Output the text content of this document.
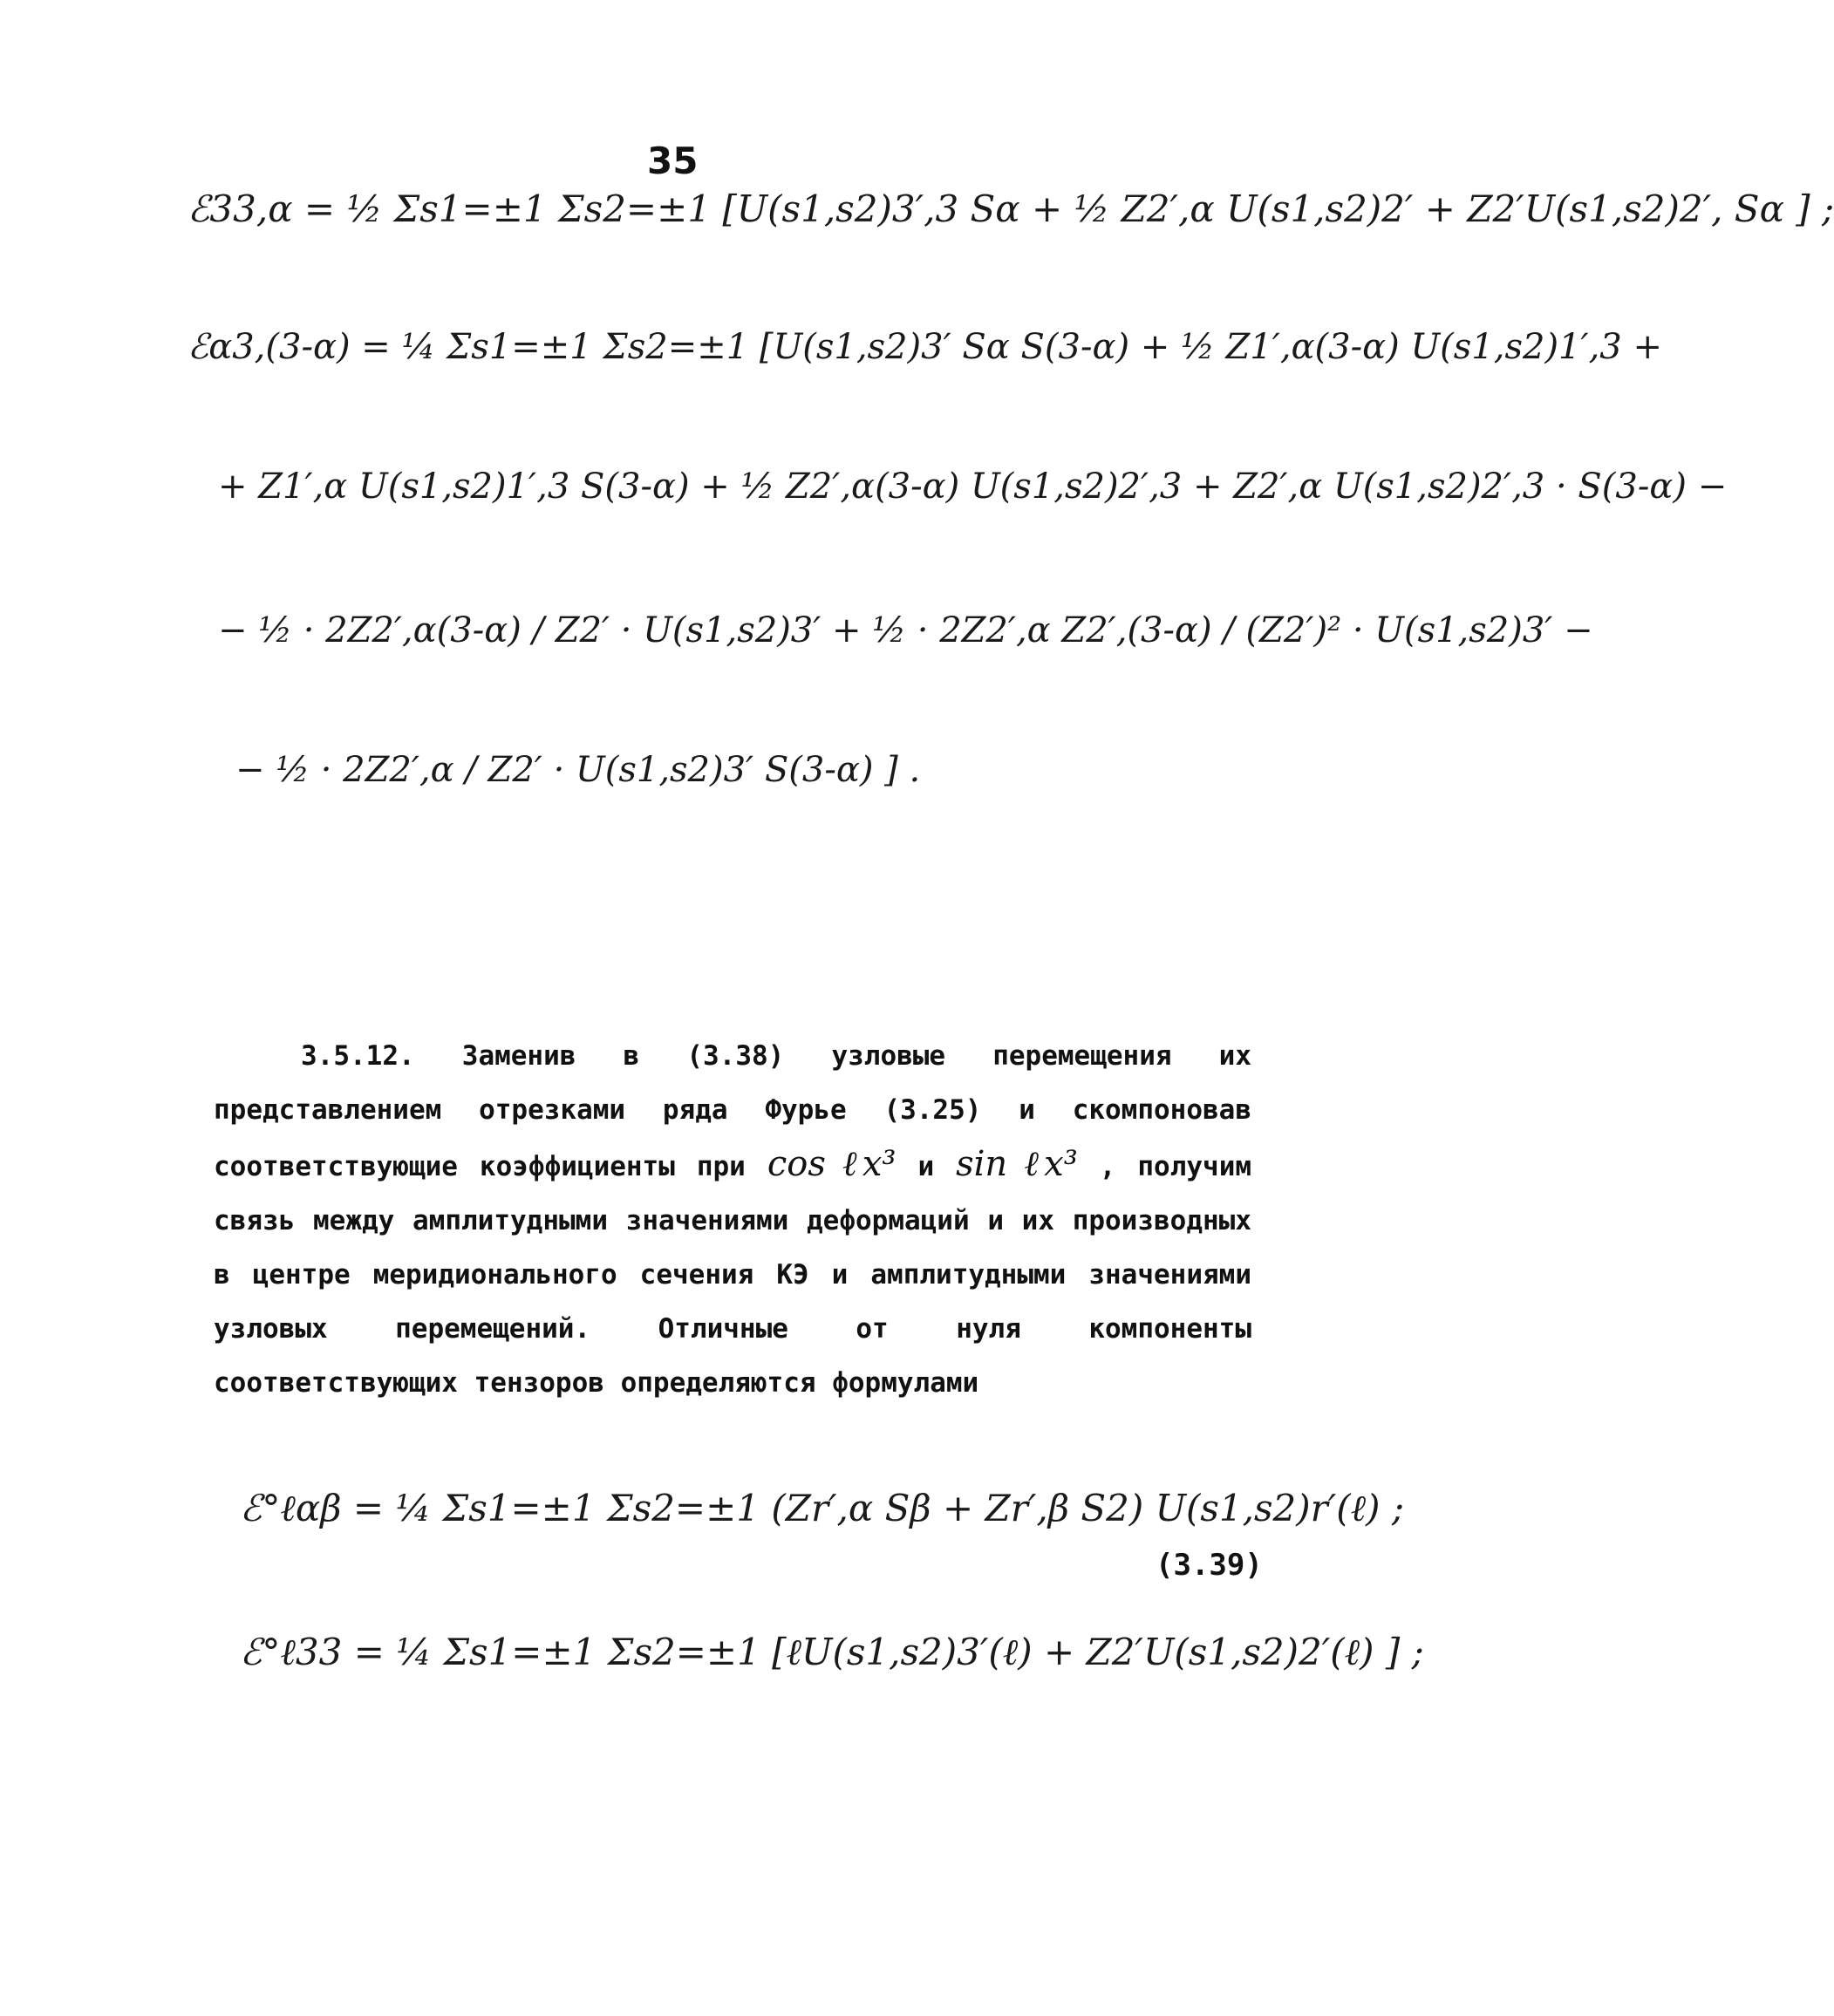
35
ℰ33,α = ½ Σs1=±1 Σs2=±1 [U(s1,s2)3′,3 Sα + ½ Z2′,α U(s1,s2)2′ + Z2′U(s1,s2)2′, Sα ] ;
ℰα3,(3-α) = ¼ Σs1=±1 Σs2=±1 [U(s1,s2)3′ Sα S(3-α) + ½ Z1′,α(3-α) U(s1,s2)1′,3 +
+ Z1′,α U(s1,s2)1′,3 S(3-α) + ½ Z2′,α(3-α) U(s1,s2)2′,3 + Z2′,α U(s1,s2)2′,3 · S(3-α) −
− ½ · 2Z2′,α(3-α) / Z2′ · U(s1,s2)3′ + ½ · 2Z2′,α Z2′,(3-α) / (Z2′)² · U(s1,s2)3′ −
− ½ · 2Z2′,α / Z2′ · U(s1,s2)3′ S(3-α) ] .

3.5.12. Заменив в (3.38) узловые перемещения их представлением отрезками ряда Фурье (3.25) и скомпоновав соответствующие коэффициенты при cos ℓx³ и sin ℓx³ , получим связь между амплитудными значениями деформаций и их производных в центре меридионального сечения КЭ и амплитудными значениями узловых перемещений. Отличные от нуля компоненты соответствующих тензоров определяются формулами

ℰ°ℓαβ = ¼ Σs1=±1 Σs2=±1 (Zr′,α Sβ + Zr′,β S2) U(s1,s2)r′(ℓ) ;
(3.39)
ℰ°ℓ33 = ¼ Σs1=±1 Σs2=±1 [ℓU(s1,s2)3′(ℓ) + Z2′U(s1,s2)2′(ℓ) ] ;
